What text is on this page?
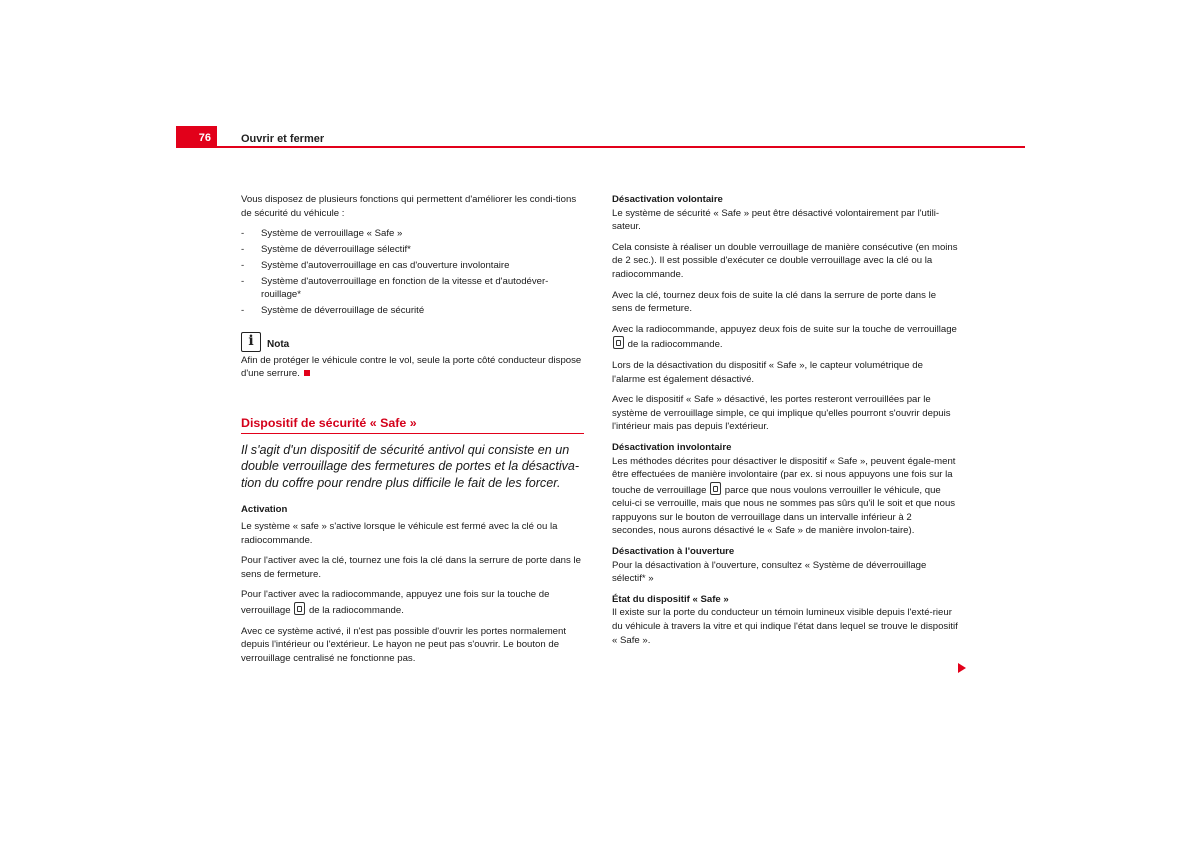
76	Ouvrir et fermer

Vous disposez de plusieurs fonctions qui permettent d'améliorer les condi-tions de sécurité du véhicule :

- Système de verrouillage « Safe »
- Système de déverrouillage sélectif*
- Système d'autoverrouillage en cas d'ouverture involontaire
- Système d'autoverrouillage en fonction de la vitesse et d'autodéver-rouillage*
- Système de déverrouillage de sécurité
i	Nota

Afin de protéger le véhicule contre le vol, seule la porte côté conducteur dispose d'une serrure.

Dispositif de sécurité « Safe »
Il s'agit d'un dispositif de sécurité antivol qui consiste en un double verrouillage des fermetures de portes et la désactiva-tion du coffre pour rendre plus difficile le fait de les forcer.
Activation

Le système « safe » s'active lorsque le véhicule est fermé avec la clé ou la radiocommande.

Pour l'activer avec la clé, tournez une fois la clé dans la serrure de porte dans le sens de fermeture.

Pour l'activer avec la radiocommande, appuyez une fois sur la touche de verrouillage de la radiocommande.

Avec ce système activé, il n'est pas possible d'ouvrir les portes normalement depuis l'intérieur ou l'extérieur. Le hayon ne peut pas s'ouvrir. Le bouton de verrouillage centralisé ne fonctionne pas.

Désactivation volontaire

Le système de sécurité « Safe » peut être désactivé volontairement par l'utili-sateur.

Cela consiste à réaliser un double verrouillage de manière consécutive (en moins de 2 sec.). Il est possible d'exécuter ce double verrouillage avec la clé ou la radiocommande.

Avec la clé, tournez deux fois de suite la clé dans la serrure de porte dans le sens de fermeture.

Avec la radiocommande, appuyez deux fois de suite sur la touche de verrouillage  de la radiocommande.

Lors de la désactivation du dispositif « Safe », le capteur volumétrique de l'alarme est également désactivé.

Avec le dispositif « Safe » désactivé, les portes resteront verrouillées par le système de verrouillage simple, ce qui implique qu'elles pourront s'ouvrir depuis l'intérieur mais pas depuis l'extérieur.

Désactivation involontaire

Les méthodes décrites pour désactiver le dispositif « Safe », peuvent égale-ment être effectuées de manière involontaire (par ex. si nous appuyons une fois sur la touche de verrouillage parce que nous voulons verrouiller le véhicule, que celui-ci se verrouille, mais que nous ne sommes pas sûrs qu'il le soit et que nous rappuyons sur le bouton de verrouillage dans un intervalle inférieur à 2 secondes, nous aurons désactivé le « Safe » de manière involon-taire).

Désactivation à l'ouverture

Pour la désactivation à l'ouverture, consultez « Système de déverrouillage sélectif* »

État du dispositif « Safe »

Il existe sur la porte du conducteur un témoin lumineux visible depuis l'exté-rieur du véhicule à travers la vitre et qui indique l'état dans lequel se trouve le dispositif « Safe ».
